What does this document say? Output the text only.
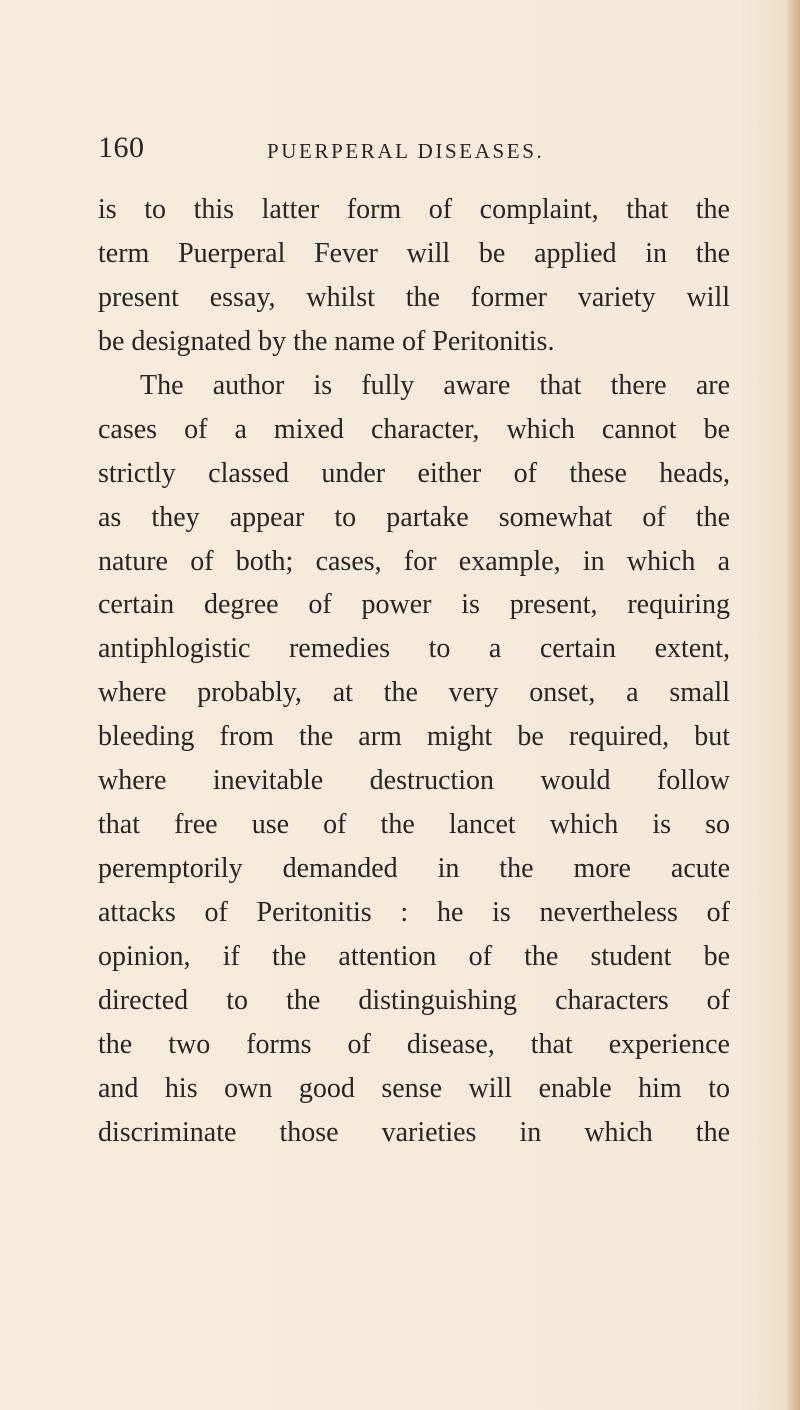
160	PUERPERAL DISEASES.
is to this latter form of complaint, that the
term Puerperal Fever will be applied in the
present essay, whilst the former variety will
be designated by the name of Peritonitis.
The author is fully aware that there are
cases of a mixed character, which cannot be
strictly classed under either of these heads,
as they appear to partake somewhat of the
nature of both; cases, for example, in which a
certain degree of power is present, requiring
antiphlogistic remedies to a certain extent,
where probably, at the very onset, a small
bleeding from the arm might be required, but
where inevitable destruction would follow
that free use of the lancet which is so
peremptorily demanded in the more acute
attacks of Peritonitis : he is nevertheless of
opinion, if the attention of the student be
directed to the distinguishing characters of
the two forms of disease, that experience
and his own good sense will enable him to
discriminate those varieties in which the
